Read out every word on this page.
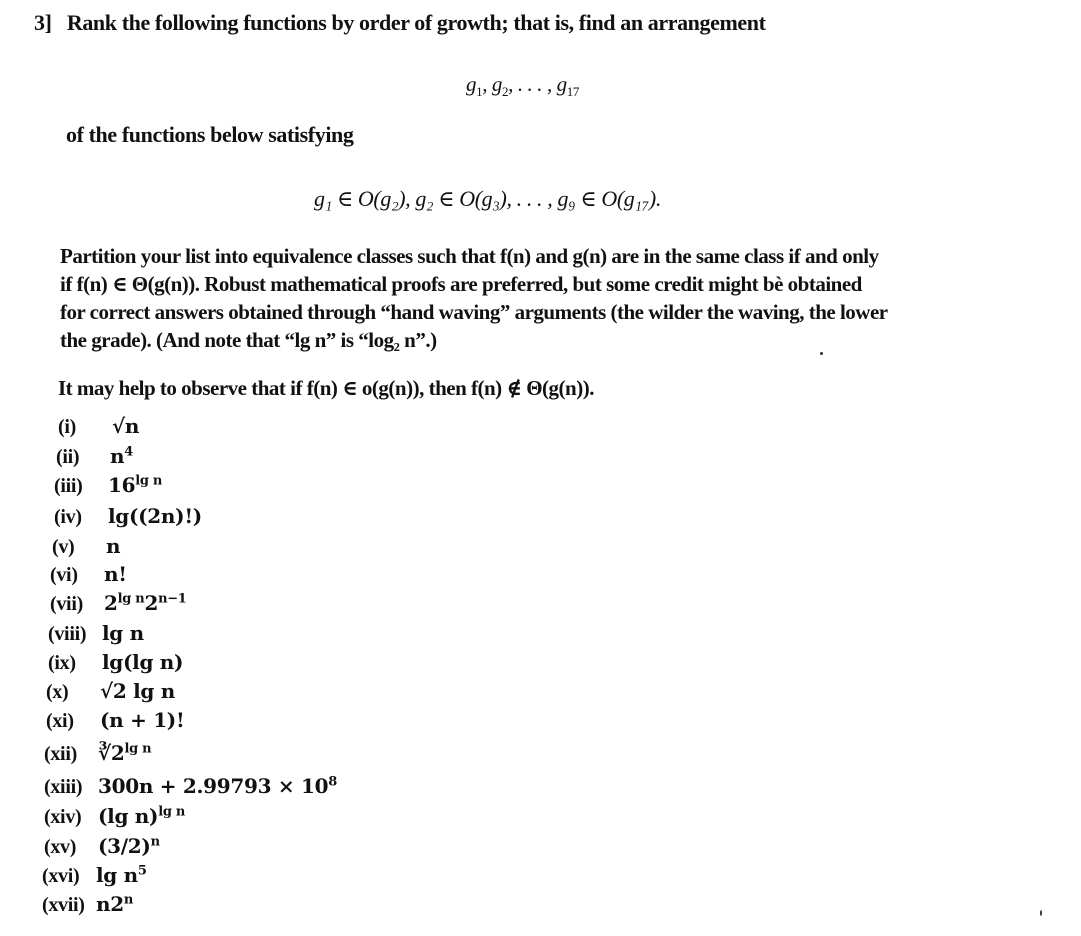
3] Rank the following functions by order of growth; that is, find an arrangement
$g_1$, $g_2$, . . . , $g_{17}$
of the functions below satisfying
g₁ ∈ O(g₂), g₂ ∈ O(g₃), . . . , g₉ ∈ O(g₁₇).
Partition your list into equivalence classes such that f(n) and g(n) are in the same class if and only
if f(n) ∈ Θ(g(n)). Robust mathematical proofs are preferred, but some credit might bè obtained
for correct answers obtained through “hand waving” arguments (the wilder the waving, the lower
the grade). (And note that “lg n” is “log₂ n”.)
It may help to observe that if f(n) ∈ o(g(n)), then f(n) ∉ Θ(g(n)).
(i) √n
(ii) $n^4$
(iii) $16^{lg n}$
(iv) lg((2n)!)
(v) n
(vi) n!
(vii) $2^{lg n}2^{n-1}$
(viii) lg n
(ix) lg(lg n)
(x) √2 lg n
(xi) (n + 1)!
(xii) $∛2^{lg n}$
(xiii) $300n + 2.99793 \times 10^8$
(xiv) (lg n)$^{lg n}$
(xv) $(3/2)^n$
(xvi) $\lg n^5$
(xvii) n2$^n$
